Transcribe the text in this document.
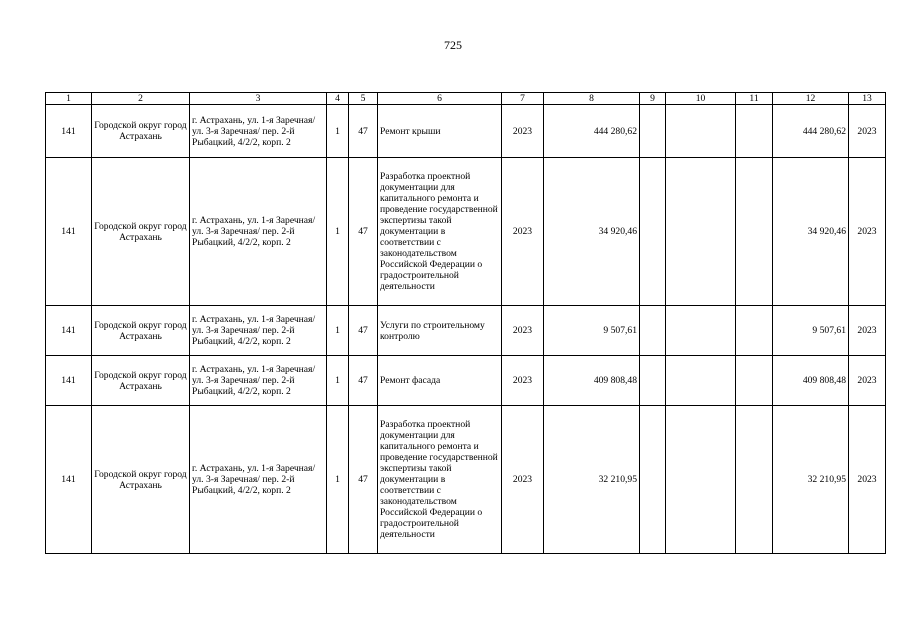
725
1	2	3	4	5	6	7	8	9	10	11	12	13
141	Городской округ город Астрахань	г. Астрахань, ул. 1-я Заречная/ ул. 3-я Заречная/ пер. 2-й Рыбацкий, 4/2/2, корп. 2	1	47	Ремонт крыши	2023	444 280,62				444 280,62	2023
141	Городской округ город Астрахань	г. Астрахань, ул. 1-я Заречная/ ул. 3-я Заречная/ пер. 2-й Рыбацкий, 4/2/2, корп. 2	1	47	Разработка проектной документации для капитального ремонта и проведение государственной экспертизы такой документации в соответствии с законодательством Российской Федерации о градостроительной деятельности	2023	34 920,46				34 920,46	2023
141	Городской округ город Астрахань	г. Астрахань, ул. 1-я Заречная/ ул. 3-я Заречная/ пер. 2-й Рыбацкий, 4/2/2, корп. 2	1	47	Услуги по строительному контролю	2023	9 507,61				9 507,61	2023
141	Городской округ город Астрахань	г. Астрахань, ул. 1-я Заречная/ ул. 3-я Заречная/ пер. 2-й Рыбацкий, 4/2/2, корп. 2	1	47	Ремонт фасада	2023	409 808,48				409 808,48	2023
141	Городской округ город Астрахань	г. Астрахань, ул. 1-я Заречная/ ул. 3-я Заречная/ пер. 2-й Рыбацкий, 4/2/2, корп. 2	1	47	Разработка проектной документации для капитального ремонта и проведение государственной экспертизы такой документации в соответствии с законодательством Российской Федерации о градостроительной деятельности	2023	32 210,95				32 210,95	2023
